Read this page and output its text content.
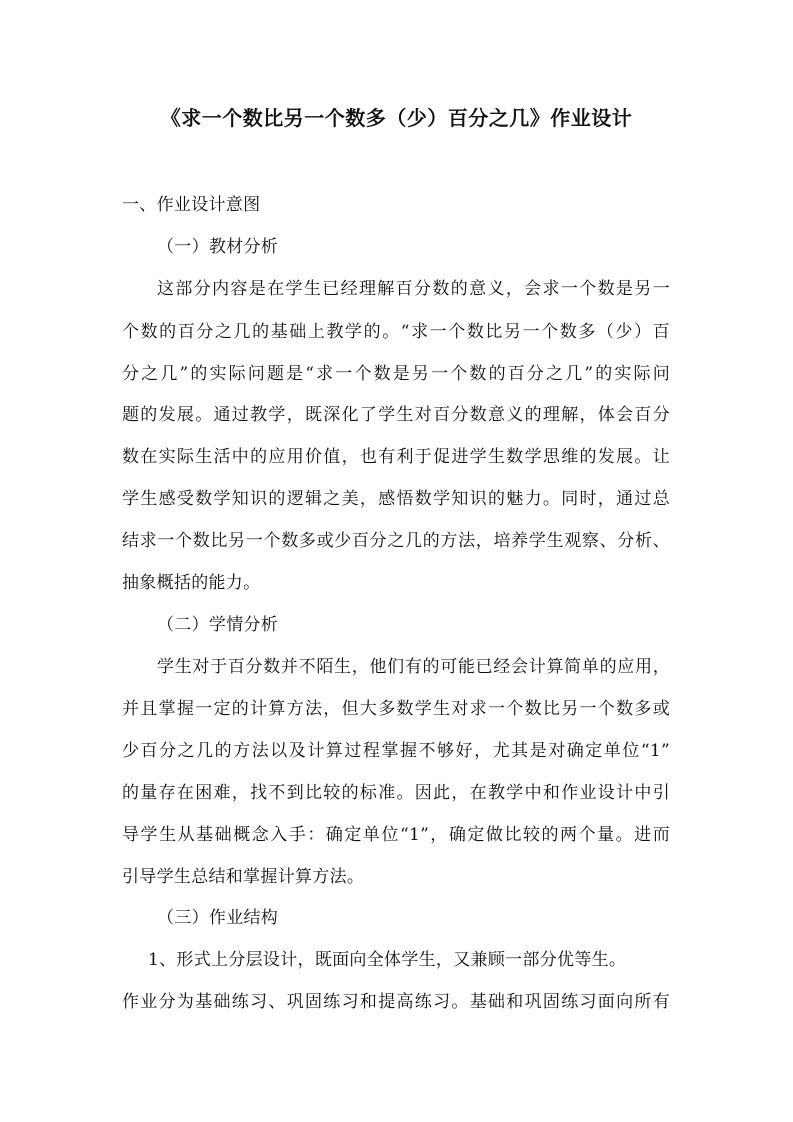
《求一个数比另一个数多（少）百分之几》作业设计
一、作业设计意图
（一）教材分析
这部分内容是在学生已经理解百分数的意义，会求一个数是另一
个数的百分之几的基础上教学的。“求一个数比另一个数多（少）百
分之几”的实际问题是“求一个数是另一个数的百分之几”的实际问
题的发展。通过教学，既深化了学生对百分数意义的理解，体会百分
数在实际生活中的应用价值，也有利于促进学生数学思维的发展。让
学生感受数学知识的逻辑之美，感悟数学知识的魅力。同时，通过总
结求一个数比另一个数多或少百分之几的方法，培养学生观察、分析、
抽象概括的能力。
（二）学情分析
学生对于百分数并不陌生，他们有的可能已经会计算简单的应用，
并且掌握一定的计算方法，但大多数学生对求一个数比另一个数多或
少百分之几的方法以及计算过程掌握不够好，尤其是对确定单位“1”
的量存在困难，找不到比较的标准。因此，在教学中和作业设计中引
导学生从基础概念入手：确定单位“1”，确定做比较的两个量。进而
引导学生总结和掌握计算方法。
（三）作业结构
1、形式上分层设计，既面向全体学生，又兼顾一部分优等生。
作业分为基础练习、巩固练习和提高练习。基础和巩固练习面向所有
